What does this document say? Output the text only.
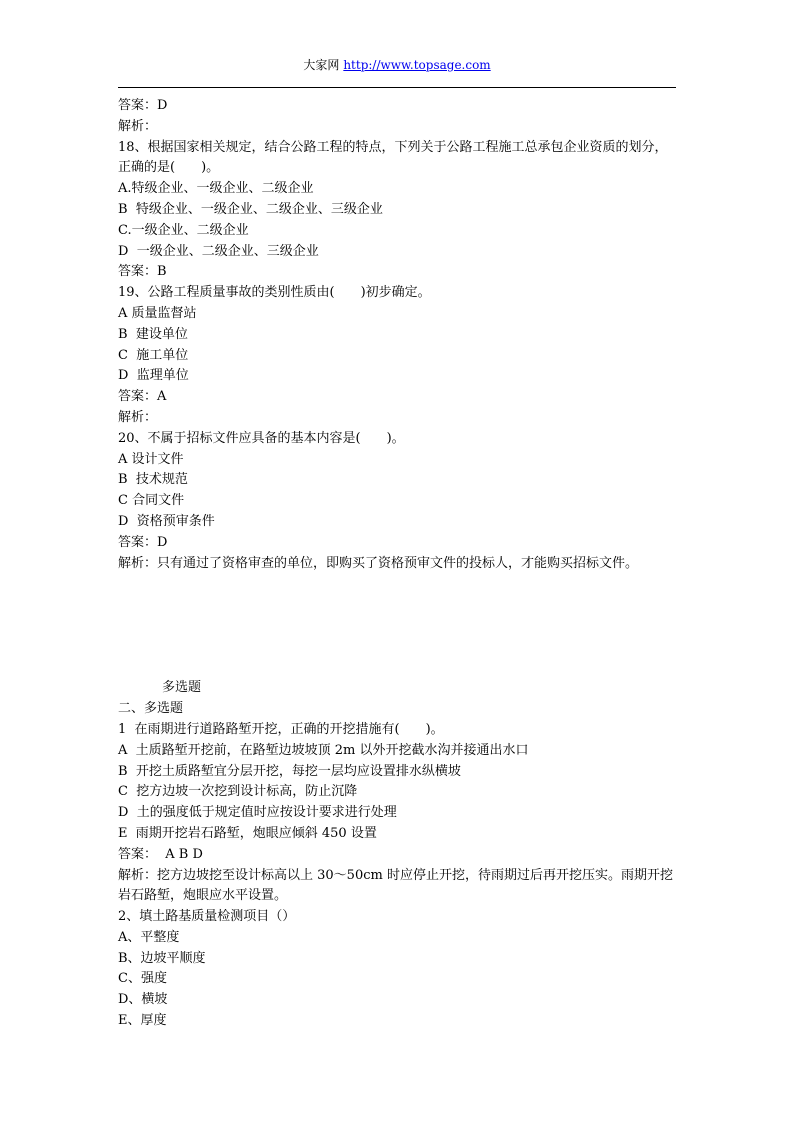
大家网 http://www.topsage.com
答案：D
解析：
18、根据国家相关规定，结合公路工程的特点，下列关于公路工程施工总承包企业资质的划分，正确的是(　　)。
A.特级企业、一级企业、二级企业
B  特级企业、一级企业、二级企业、三级企业
C.一级企业、二级企业
D  一级企业、二级企业、三级企业
答案：B
19、公路工程质量事故的类别性质由(　　)初步确定。
A 质量监督站
B  建设单位
C  施工单位
D  监理单位
答案：A
解析：
20、不属于招标文件应具备的基本内容是(　　)。
A 设计文件
B  技术规范
C 合同文件
D  资格预审条件
答案：D
解析：只有通过了资格审查的单位，即购买了资格预审文件的投标人，才能购买招标文件。
多选题
二、多选题
1  在雨期进行道路路堑开挖，正确的开挖措施有(　　)。
A  土质路堑开挖前，在路堑边坡坡顶 2m 以外开挖截水沟并接通出水口
B  开挖土质路堑宜分层开挖，每挖一层均应设置排水纵横坡
C  挖方边坡一次挖到设计标高，防止沉降
D  土的强度低于规定值时应按设计要求进行处理
E  雨期开挖岩石路堑，炮眼应倾斜 450 设置
答案：  A B D
解析：挖方边坡挖至设计标高以上 30～50cm 时应停止开挖，待雨期过后再开挖压实。雨期开挖岩石路堑，炮眼应水平设置。
2、填土路基质量检测项目（）
A、平整度
B、边坡平顺度
C、强度
D、横坡
E、厚度
